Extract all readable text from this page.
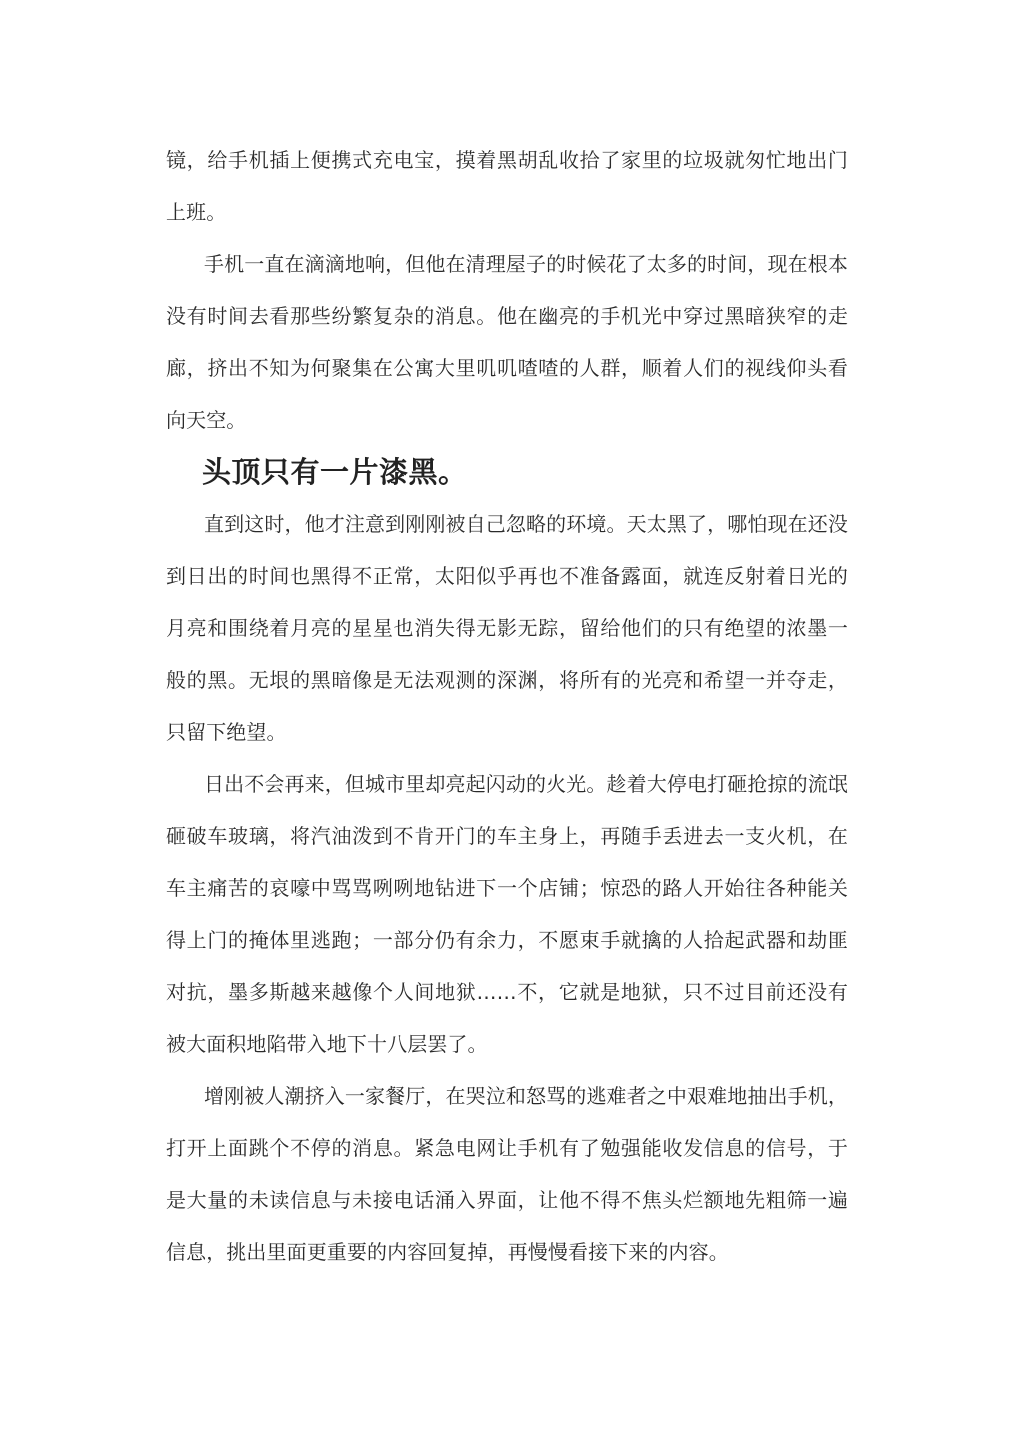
镜，给手机插上便携式充电宝，摸着黑胡乱收拾了家里的垃圾就匆忙地出门上班。

手机一直在滴滴地响，但他在清理屋子的时候花了太多的时间，现在根本没有时间去看那些纷繁复杂的消息。他在幽亮的手机光中穿过黑暗狭窄的走廊，挤出不知为何聚集在公寓大里叽叽喳喳的人群，顺着人们的视线仰头看向天空。

头顶只有一片漆黑。

直到这时，他才注意到刚刚被自己忽略的环境。天太黑了，哪怕现在还没到日出的时间也黑得不正常，太阳似乎再也不准备露面，就连反射着日光的月亮和围绕着月亮的星星也消失得无影无踪，留给他们的只有绝望的浓墨一般的黑。无垠的黑暗像是无法观测的深渊，将所有的光亮和希望一并夺走，只留下绝望。

日出不会再来，但城市里却亮起闪动的火光。趁着大停电打砸抢掠的流氓砸破车玻璃，将汽油泼到不肯开门的车主身上，再随手丢进去一支火机，在车主痛苦的哀嚎中骂骂咧咧地钻进下一个店铺；惊恐的路人开始往各种能关得上门的掩体里逃跑；一部分仍有余力，不愿束手就擒的人拾起武器和劫匪对抗，墨多斯越来越像个人间地狱……不，它就是地狱，只不过目前还没有被大面积地陷带入地下十八层罢了。

增刚被人潮挤入一家餐厅，在哭泣和怒骂的逃难者之中艰难地抽出手机，打开上面跳个不停的消息。紧急电网让手机有了勉强能收发信息的信号，于是大量的未读信息与未接电话涌入界面，让他不得不焦头烂额地先粗筛一遍信息，挑出里面更重要的内容回复掉，再慢慢看接下来的内容。
